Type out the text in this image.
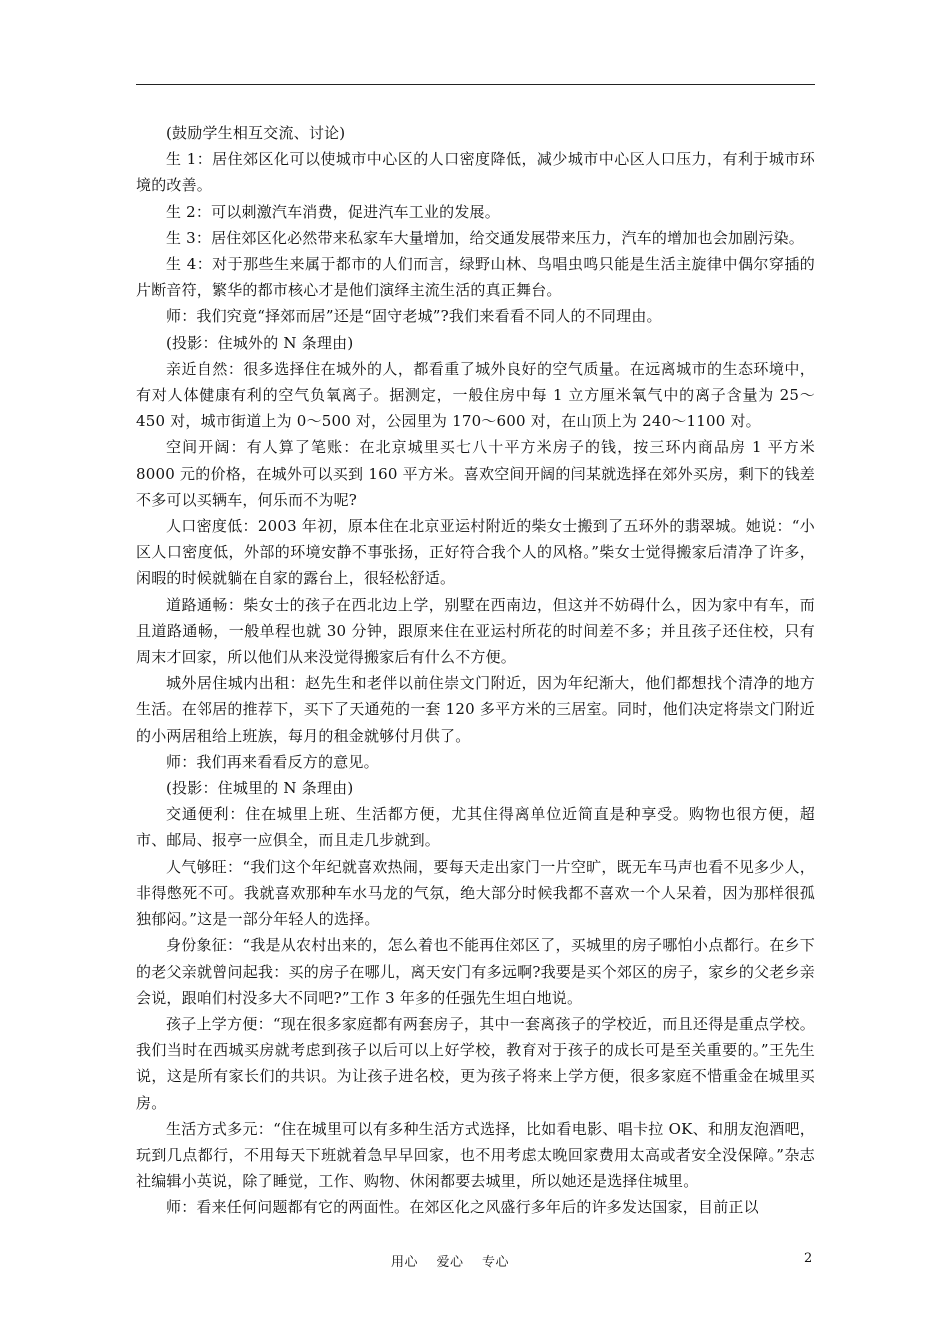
(鼓励学生相互交流、讨论)

生 1：居住郊区化可以使城市中心区的人口密度降低，减少城市中心区人口压力，有利于城市环境的改善。

生 2：可以刺激汽车消费，促进汽车工业的发展。

生 3：居住郊区化必然带来私家车大量增加，给交通发展带来压力，汽车的增加也会加剧污染。

生 4：对于那些生来属于都市的人们而言，绿野山林、鸟唱虫鸣只能是生活主旋律中偶尔穿插的片断音符，繁华的都市核心才是他们演绎主流生活的真正舞台。

师：我们究竟“择郊而居”还是“固守老城”?我们来看看不同人的不同理由。

(投影：住城外的 N 条理由)

亲近自然：很多选择住在城外的人，都看重了城外良好的空气质量。在远离城市的生态环境中，有对人体健康有利的空气负氧离子。据测定，一般住房中每 1 立方厘米氧气中的离子含量为 25～450 对，城市街道上为 0～500 对，公园里为 170～600 对，在山顶上为 240～1100 对。

空间开阔：有人算了笔账：在北京城里买七八十平方米房子的钱，按三环内商品房 1 平方米 8000 元的价格，在城外可以买到 160 平方米。喜欢空间开阔的闫某就选择在郊外买房，剩下的钱差不多可以买辆车，何乐而不为呢?

人口密度低：2003 年初，原本住在北京亚运村附近的柴女士搬到了五环外的翡翠城。她说：“小区人口密度低，外部的环境安静不事张扬，正好符合我个人的风格。”柴女士觉得搬家后清净了许多，闲暇的时候就躺在自家的露台上，很轻松舒适。

道路通畅：柴女士的孩子在西北边上学，别墅在西南边，但这并不妨碍什么，因为家中有车，而且道路通畅，一般单程也就 30 分钟，跟原来住在亚运村所花的时间差不多；并且孩子还住校，只有周末才回家，所以他们从来没觉得搬家后有什么不方便。

城外居住城内出租：赵先生和老伴以前住崇文门附近，因为年纪渐大，他们都想找个清净的地方生活。在邻居的推荐下，买下了天通苑的一套 120 多平方米的三居室。同时，他们决定将崇文门附近的小两居租给上班族，每月的租金就够付月供了。

师：我们再来看看反方的意见。

(投影：住城里的 N 条理由)

交通便利：住在城里上班、生活都方便，尤其住得离单位近简直是种享受。购物也很方便，超市、邮局、报亭一应俱全，而且走几步就到。

人气够旺：“我们这个年纪就喜欢热闹，要每天走出家门一片空旷，既无车马声也看不见多少人，非得憋死不可。我就喜欢那种车水马龙的气氛，绝大部分时候我都不喜欢一个人呆着，因为那样很孤独郁闷。”这是一部分年轻人的选择。

身份象征：“我是从农村出来的，怎么着也不能再住郊区了，买城里的房子哪怕小点都行。在乡下的老父亲就曾问起我：买的房子在哪儿，离天安门有多远啊?我要是买个郊区的房子，家乡的父老乡亲会说，跟咱们村没多大不同吧?”工作 3 年多的任强先生坦白地说。

孩子上学方便：“现在很多家庭都有两套房子，其中一套离孩子的学校近，而且还得是重点学校。我们当时在西城买房就考虑到孩子以后可以上好学校，教育对于孩子的成长可是至关重要的。”王先生说，这是所有家长们的共识。为让孩子进名校，更为孩子将来上学方便，很多家庭不惜重金在城里买房。

生活方式多元：“住在城里可以有多种生活方式选择，比如看电影、唱卡拉 OK、和朋友泡酒吧，玩到几点都行，不用每天下班就着急早早回家，也不用考虑太晚回家费用太高或者安全没保障。”杂志社编辑小英说，除了睡觉，工作、购物、休闲都要去城里，所以她还是选择住城里。

师：看来任何问题都有它的两面性。在郊区化之风盛行多年后的许多发达国家，目前正以

用心    爱心    专心	2
